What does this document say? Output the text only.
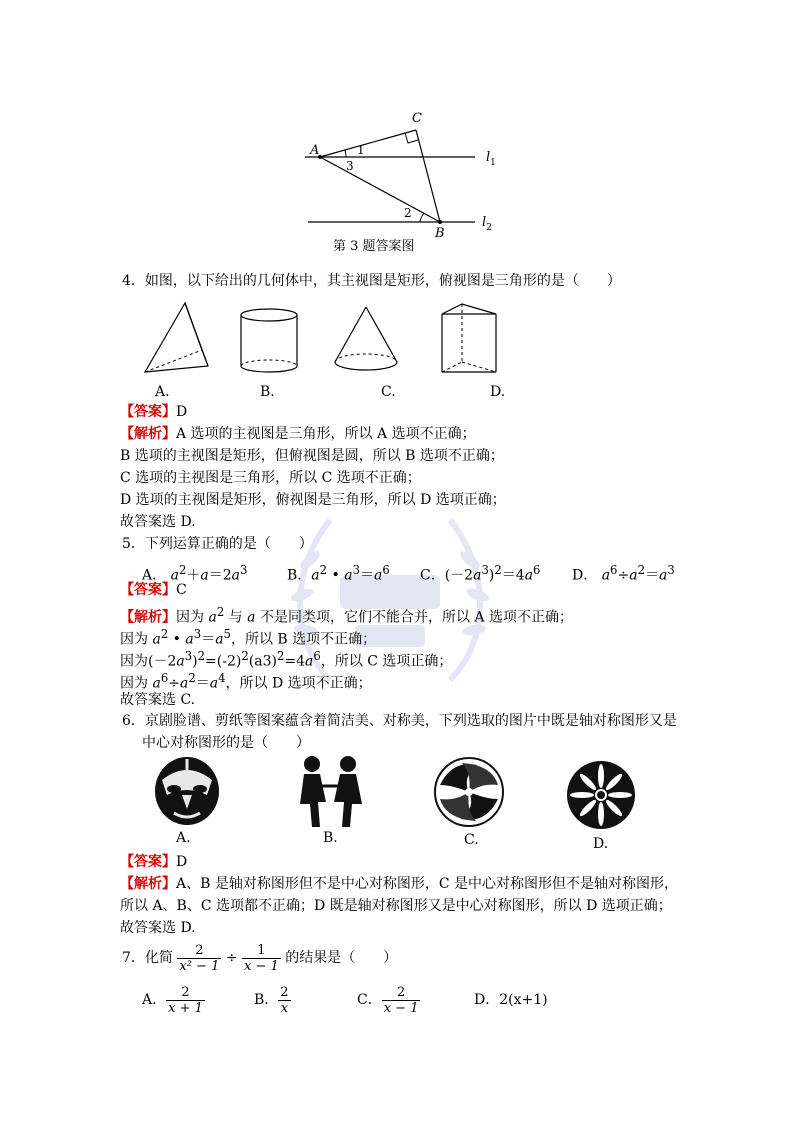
A
C
B
1
3
2
$l_1$
$l_2$
第 3 题答案图
4．如图，以下给出的几何体中，其主视图是矩形，俯视图是三角形的是（　　）
A.	B.	C.	D.
【答案】D
【解析】A 选项的主视图是三角形，所以 A 选项不正确；
B 选项的主视图是矩形，但俯视图是圆，所以 B 选项不正确；
C 选项的主视图是三角形，所以 C 选项不正确；
D 选项的主视图是矩形，俯视图是三角形，所以 D 选项正确；
故答案选 D.
5．下列运算正确的是（　　）
A． $a^2+a=2a^3$	B．$a^2$ • $a^3=a^6$ C．$(-2a^3)^2=4a^6$ D． $a^6\div a^2=a^3$
【答案】C
【解析】因为 $a^2$ 与 a 不是同类项，它们不能合并，所以 A 选项不正确；
因为 $a^2$ • $a^3=a^5$，所以 B 选项不正确；
因为$(-2a^3)^2=(-2)^2(a3)^2=4a^6$，所以 C 选项正确；
因为 $a^6\div a^2=a^4$，所以 D 选项不正确；
故答案选 C.
6．京剧脸谱、剪纸等图案蕴含着简洁美、对称美，下列选取的图片中既是轴对称图形又是
中心对称图形的是（　　）
A.	B.	C.	D.
【答案】D
【解析】A、B 是轴对称图形但不是中心对称图形，C 是中心对称图形但不是轴对称图形，
所以 A、B、C 选项都不正确；D 既是轴对称图形又是中心对称图形，所以 D 选项正确；
故答案选 D.
7．化简 $\frac{2}{\text{x² − 1}} \div \frac{1}{x - 1}$ 的结果是（　　）
A． $\frac{2}{x + 1}$	B． $\frac{2}{x}$	C． $\frac{2}{x - 1}$	D．2(x+1)
